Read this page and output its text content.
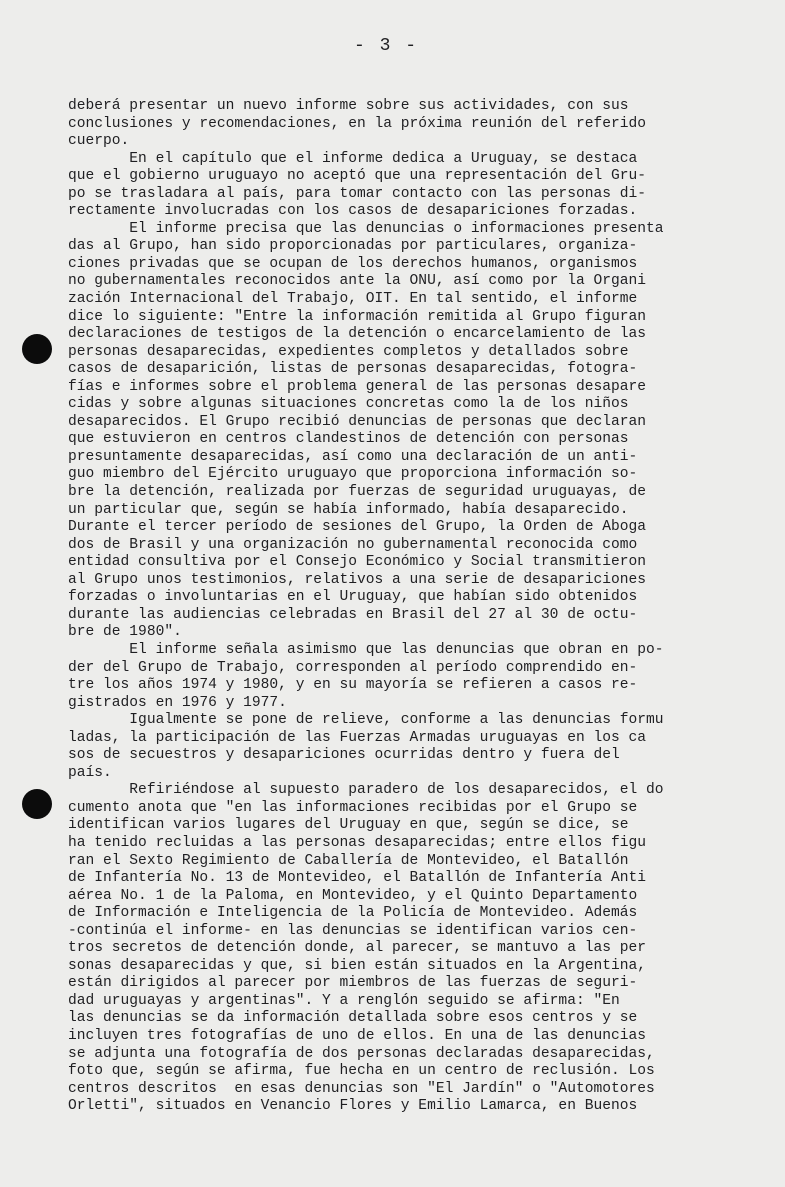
- 3 -
deberá presentar un nuevo informe sobre sus actividades, con sus
conclusiones y recomendaciones, en la próxima reunión del referido
cuerpo.
En el capítulo que el informe dedica a Uruguay, se destaca
que el gobierno uruguayo no aceptó que una representación del Gru-
po se trasladara al país, para tomar contacto con las personas di-
rectamente involucradas con los casos de desapariciones forzadas.
El informe precisa que las denuncias o informaciones presenta
das al Grupo, han sido proporcionadas por particulares, organiza-
ciones privadas que se ocupan de los derechos humanos, organismos
no gubernamentales reconocidos ante la ONU, así como por la Organi
zación Internacional del Trabajo, OIT. En tal sentido, el informe
dice lo siguiente: "Entre la información remitida al Grupo figuran
declaraciones de testigos de la detención o encarcelamiento de las
personas desaparecidas, expedientes completos y detallados sobre
casos de desaparición, listas de personas desaparecidas, fotogra-
fías e informes sobre el problema general de las personas desapare
cidas y sobre algunas situaciones concretas como la de los niños
desaparecidos. El Grupo recibió denuncias de personas que declaran
que estuvieron en centros clandestinos de detención con personas
presuntamente desaparecidas, así como una declaración de un anti-
guo miembro del Ejército uruguayo que proporciona información so-
bre la detención, realizada por fuerzas de seguridad uruguayas, de
un particular que, según se había informado, había desaparecido.
Durante el tercer período de sesiones del Grupo, la Orden de Aboga
dos de Brasil y una organización no gubernamental reconocida como
entidad consultiva por el Consejo Económico y Social transmitieron
al Grupo unos testimonios, relativos a una serie de desapariciones
forzadas o involuntarias en el Uruguay, que habían sido obtenidos
durante las audiencias celebradas en Brasil del 27 al 30 de octu-
bre de 1980".
El informe señala asimismo que las denuncias que obran en po-
der del Grupo de Trabajo, corresponden al período comprendido en-
tre los años 1974 y 1980, y en su mayoría se refieren a casos re-
gistrados en 1976 y 1977.
Igualmente se pone de relieve, conforme a las denuncias formu
ladas, la participación de las Fuerzas Armadas uruguayas en los ca
sos de secuestros y desapariciones ocurridas dentro y fuera del
país.
Refiriéndose al supuesto paradero de los desaparecidos, el do
cumento anota que "en las informaciones recibidas por el Grupo se
identifican varios lugares del Uruguay en que, según se dice, se
ha tenido recluidas a las personas desaparecidas; entre ellos figu
ran el Sexto Regimiento de Caballería de Montevideo, el Batallón
de Infantería No. 13 de Montevideo, el Batallón de Infantería Anti
aérea No. 1 de la Paloma, en Montevideo, y el Quinto Departamento
de Información e Inteligencia de la Policía de Montevideo. Además
-continúa el informe- en las denuncias se identifican varios cen-
tros secretos de detención donde, al parecer, se mantuvo a las per
sonas desaparecidas y que, si bien están situados en la Argentina,
están dirigidos al parecer por miembros de las fuerzas de seguri-
dad uruguayas y argentinas". Y a renglón seguido se afirma: "En
las denuncias se da información detallada sobre esos centros y se
incluyen tres fotografías de uno de ellos. En una de las denuncias
se adjunta una fotografía de dos personas declaradas desaparecidas,
foto que, según se afirma, fue hecha en un centro de reclusión. Los
centros descritos  en esas denuncias son "El Jardín" o "Automotores
Orletti", situados en Venancio Flores y Emilio Lamarca, en Buenos
